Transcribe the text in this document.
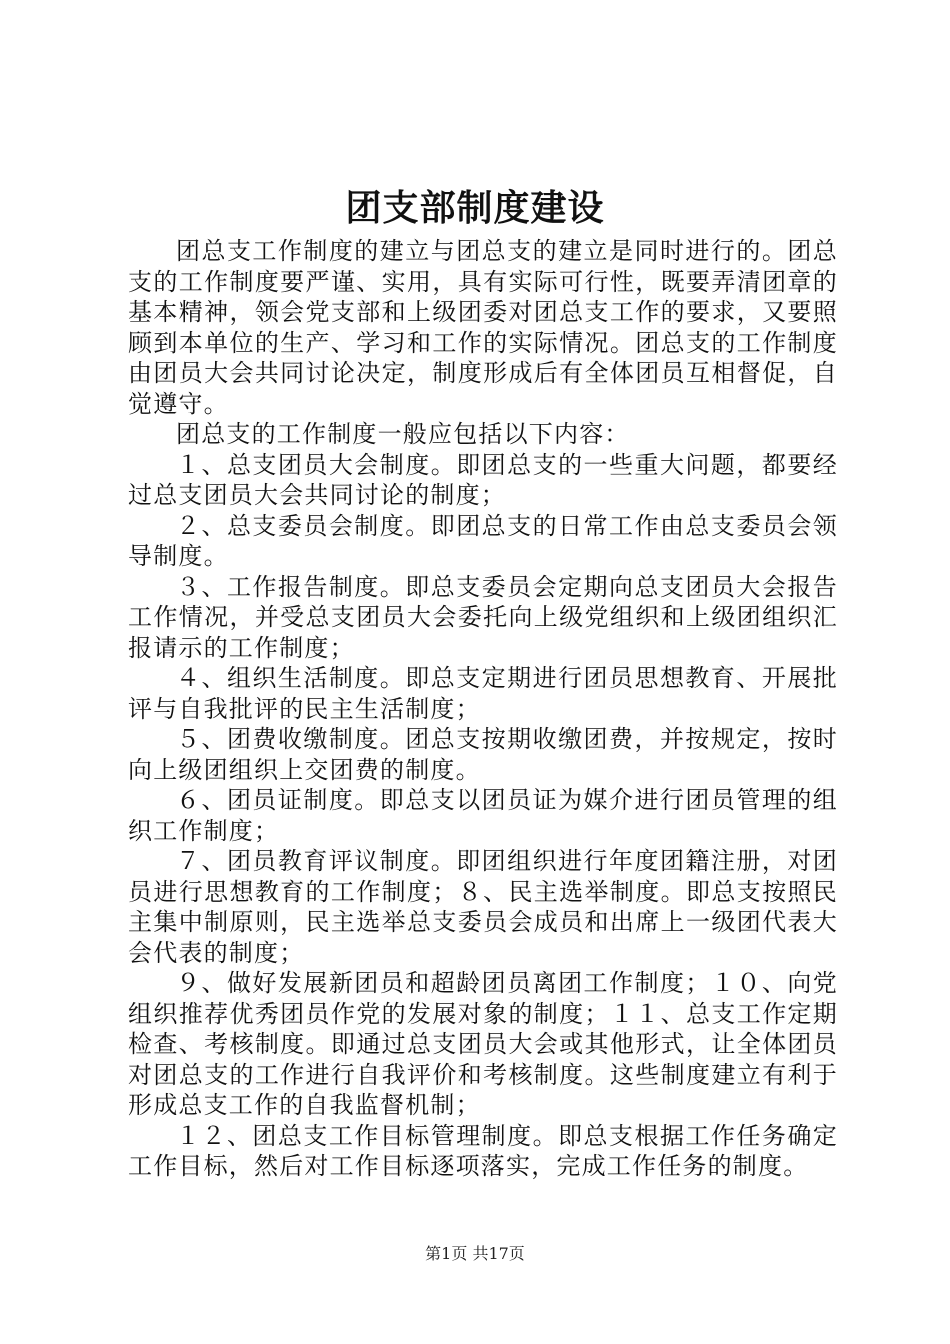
团支部制度建设

团总支工作制度的建立与团总支的建立是同时进行的。团总支的工作制度要严谨、实用，具有实际可行性，既要弄清团章的基本精神，领会党支部和上级团委对团总支工作的要求，又要照顾到本单位的生产、学习和工作的实际情况。团总支的工作制度由团员大会共同讨论决定，制度形成后有全体团员互相督促，自觉遵守。

团总支的工作制度一般应包括以下内容：

１、总支团员大会制度。即团总支的一些重大问题，都要经过总支团员大会共同讨论的制度；

２、总支委员会制度。即团总支的日常工作由总支委员会领导制度。

３、工作报告制度。即总支委员会定期向总支团员大会报告工作情况，并受总支团员大会委托向上级党组织和上级团组织汇报请示的工作制度；

４、组织生活制度。即总支定期进行团员思想教育、开展批评与自我批评的民主生活制度；

５、团费收缴制度。团总支按期收缴团费，并按规定，按时向上级团组织上交团费的制度。

６、团员证制度。即总支以团员证为媒介进行团员管理的组织工作制度；

７、团员教育评议制度。即团组织进行年度团籍注册，对团员进行思想教育的工作制度；８、民主选举制度。即总支按照民主集中制原则，民主选举总支委员会成员和出席上一级团代表大会代表的制度；

９、做好发展新团员和超龄团员离团工作制度；１０、向党组织推荐优秀团员作党的发展对象的制度；１１、总支工作定期检查、考核制度。即通过总支团员大会或其他形式，让全体团员对团总支的工作进行自我评价和考核制度。这些制度建立有利于形成总支工作的自我监督机制；

１２、团总支工作目标管理制度。即总支根据工作任务确定工作目标，然后对工作目标逐项落实，完成工作任务的制度。

第1页 共17页
